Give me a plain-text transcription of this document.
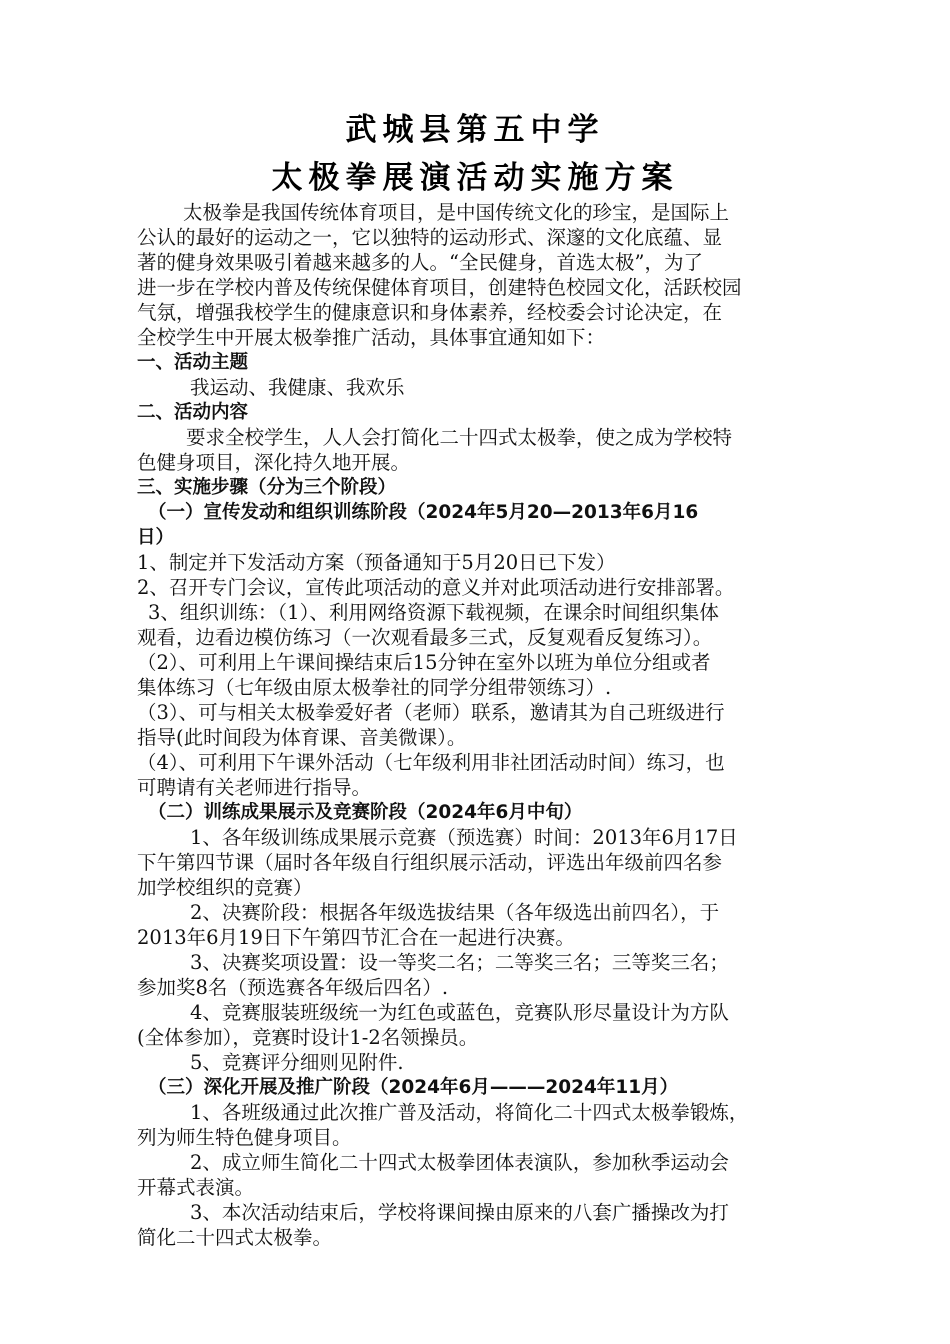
武城县第五中学
太极拳展演活动实施方案
太极拳是我国传统体育项目，是中国传统文化的珍宝，是国际上
公认的最好的运动之一，它以独特的运动形式、深邃的文化底蕴、显
著的健身效果吸引着越来越多的人。“全民健身，首选太极”，为了
进一步在学校内普及传统保健体育项目，创建特色校园文化，活跃校园
气氛，增强我校学生的健康意识和身体素养，经校委会讨论决定，在
全校学生中开展太极拳推广活动，具体事宜通知如下：
一、活动主题
我运动、我健康、我欢乐
二、活动内容
要求全校学生，人人会打简化二十四式太极拳，使之成为学校特
色健身项目，深化持久地开展。
三、实施步骤（分为三个阶段）
（一）宣传发动和组织训练阶段（2024年5月20—2013年6月16
日）
1、制定并下发活动方案（预备通知于5月20日已下发）
2、召开专门会议，宣传此项活动的意义并对此项活动进行安排部署。
3、组织训练：（1）、利用网络资源下载视频，在课余时间组织集体
观看，边看边模仿练习（一次观看最多三式，反复观看反复练习）。
（2）、可利用上午课间操结束后15分钟在室外以班为单位分组或者
集体练习（七年级由原太极拳社的同学分组带领练习）.
（3）、可与相关太极拳爱好者（老师）联系，邀请其为自己班级进行
指导(此时间段为体育课、音美微课）。
（4）、可利用下午课外活动（七年级利用非社团活动时间）练习，也
可聘请有关老师进行指导。
（二）训练成果展示及竞赛阶段（2024年6月中旬）
1、各年级训练成果展示竞赛（预选赛）时间：2013年6月17日
下午第四节课（届时各年级自行组织展示活动，评选出年级前四名参
加学校组织的竞赛）
2、决赛阶段：根据各年级选拔结果（各年级选出前四名），于
2013年6月19日下午第四节汇合在一起进行决赛。
3、决赛奖项设置：设一等奖二名；二等奖三名；三等奖三名；
参加奖8名（预选赛各年级后四名）.
4、竞赛服装班级统一为红色或蓝色，竞赛队形尽量设计为方队
(全体参加），竞赛时设计1-2名领操员。
5、竞赛评分细则见附件.
（三）深化开展及推广阶段（2024年6月———2024年11月）
1、各班级通过此次推广普及活动，将简化二十四式太极拳锻炼，
列为师生特色健身项目。
2、成立师生简化二十四式太极拳团体表演队，参加秋季运动会
开幕式表演。
3、本次活动结束后，学校将课间操由原来的八套广播操改为打
简化二十四式太极拳。
